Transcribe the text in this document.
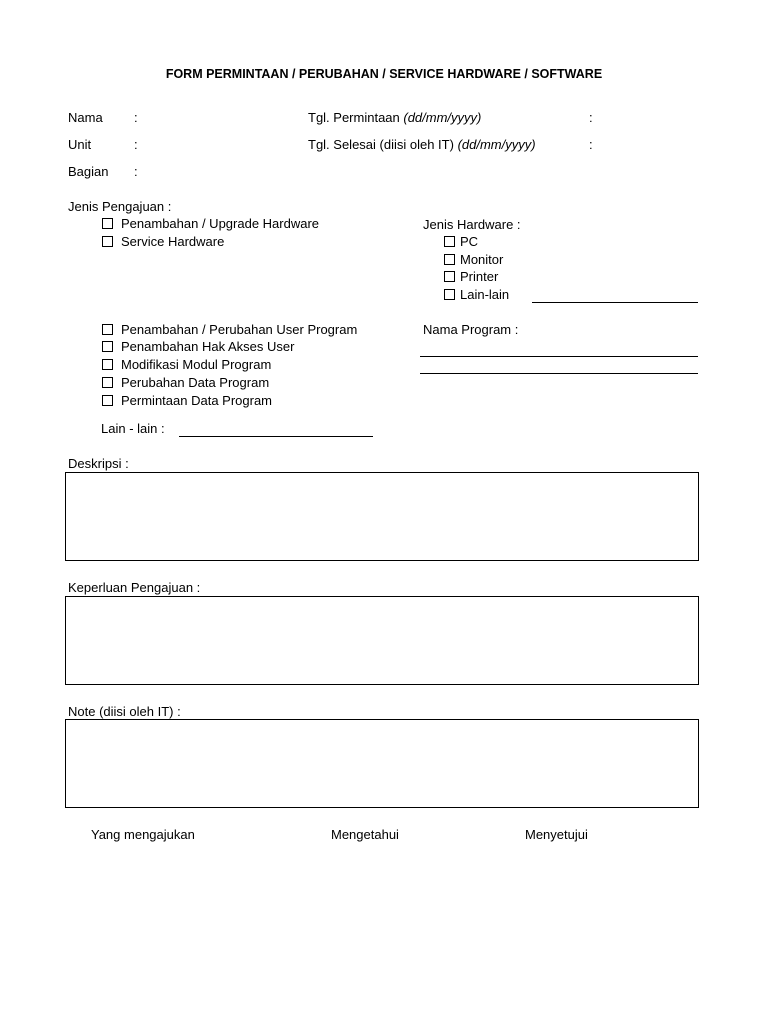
FORM PERMINTAAN / PERUBAHAN / SERVICE HARDWARE / SOFTWARE
Nama :
Unit	:
Bagian :
Tgl. Permintaan (dd/mm/yyyy)	:
Tgl. Selesai (diisi oleh IT) (dd/mm/yyyy)	:
Jenis Pengajuan :
Penambahan / Upgrade Hardware
Service Hardware
Jenis Hardware :
PC
Monitor
Printer
Lain-lain
Penambahan / Perubahan User Program
Penambahan Hak Akses User
Modifikasi Modul Program
Perubahan Data Program
Permintaan Data Program
Nama Program :
Lain - lain :
Deskripsi :
Keperluan Pengajuan :
Note (diisi oleh IT) :
Yang mengajukan	Mengetahui	Menyetujui
